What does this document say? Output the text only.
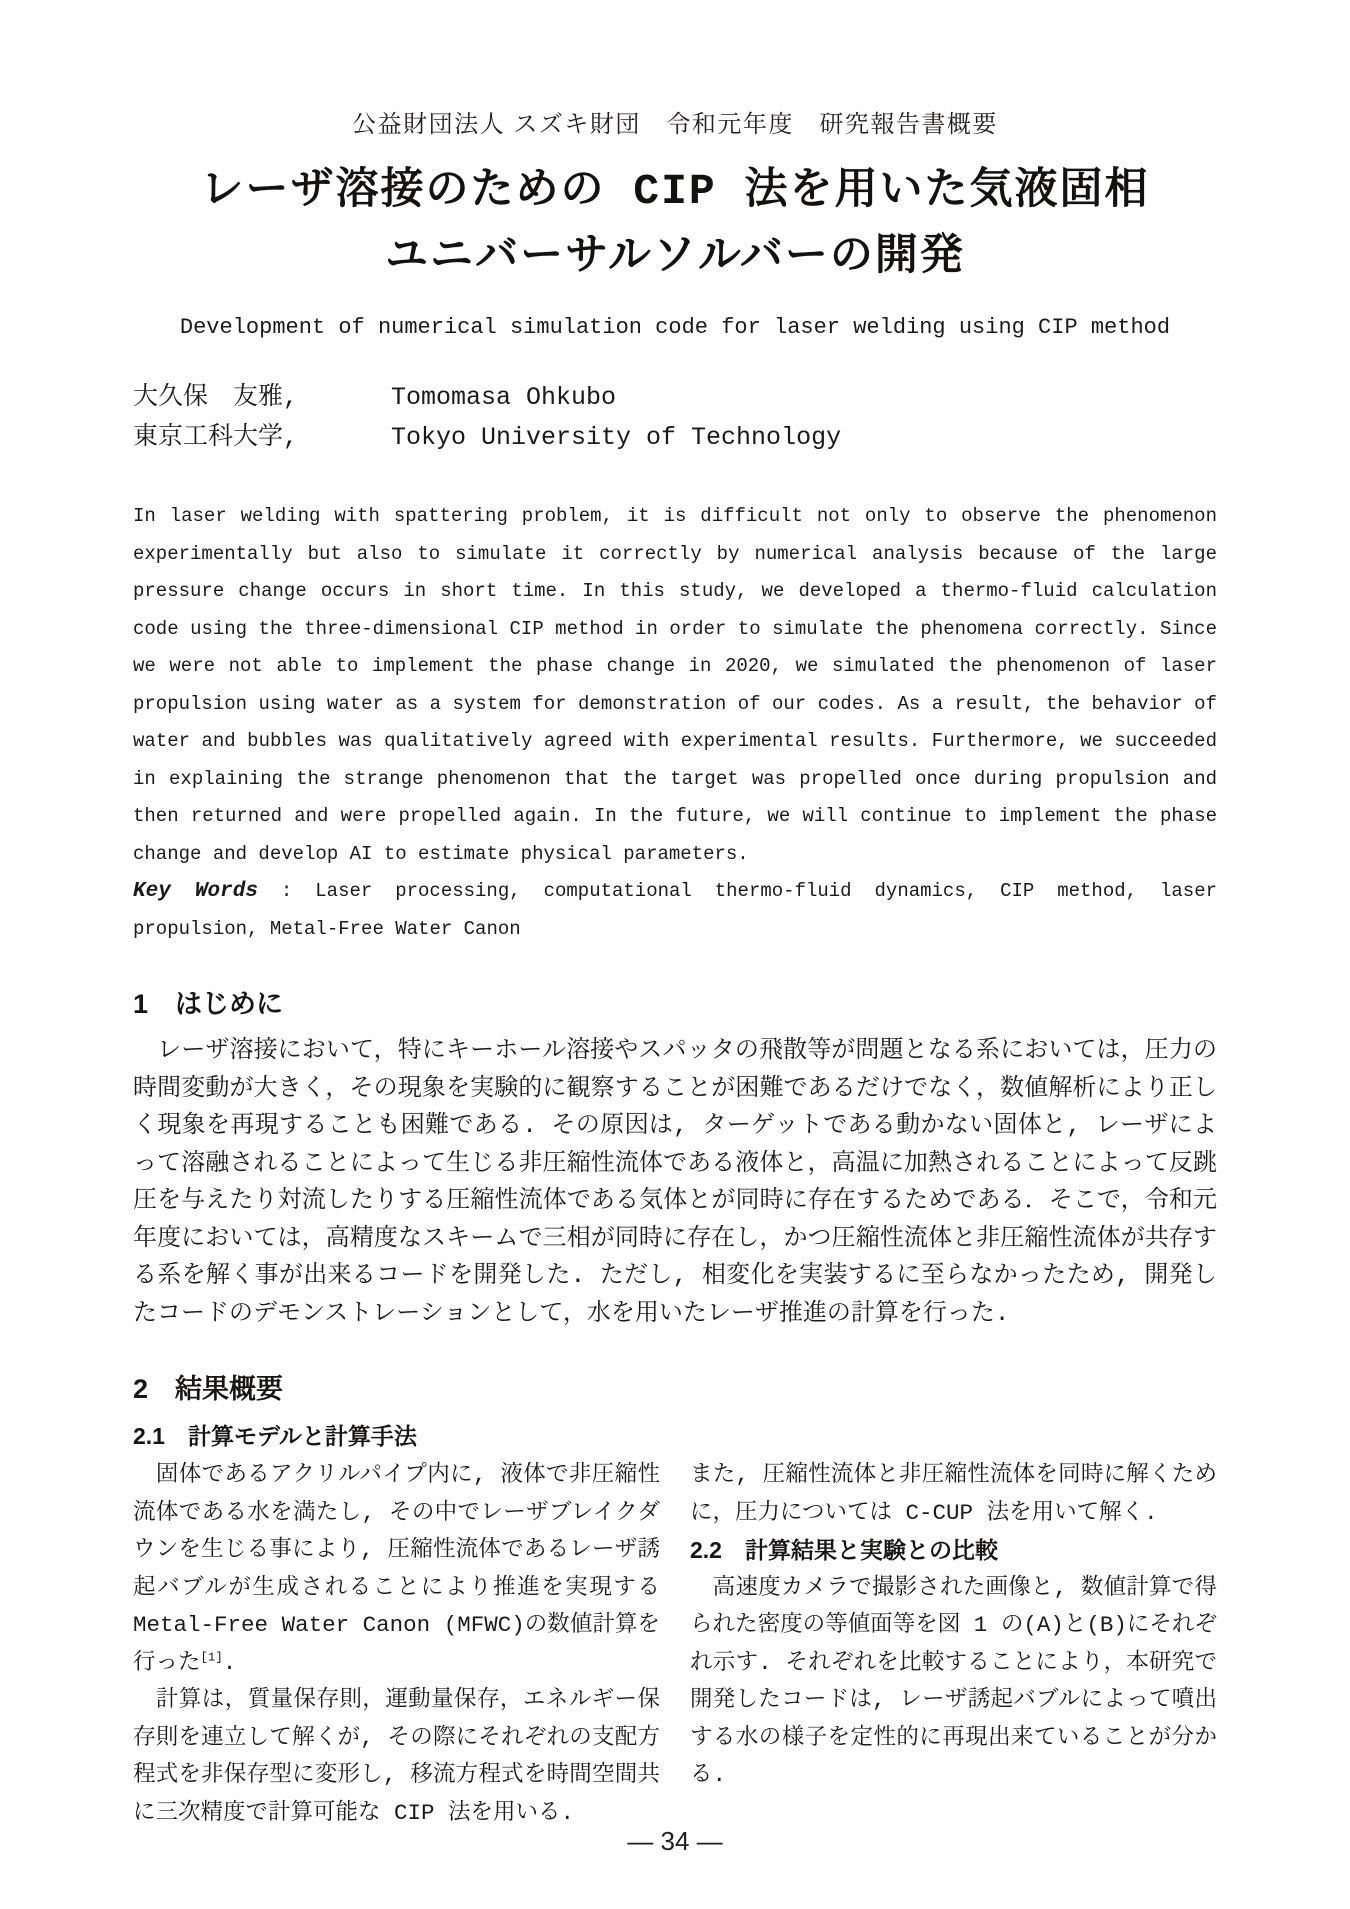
公益財団法人 スズキ財団　令和元年度　研究報告書概要
レーザ溶接のための CIP 法を用いた気液固相
ユニバーサルソルバーの開発
Development of numerical simulation code for laser welding using CIP method
大久保　友雅,	Tomomasa Ohkubo
東京工科大学,	Tokyo University of Technology

In laser welding with spattering problem, it is difficult not only to observe the phenomenon experimentally but also to simulate it correctly by numerical analysis because of the large pressure change occurs in short time. In this study, we developed a thermo-fluid calculation code using the three-dimensional CIP method in order to simulate the phenomena correctly. Since we were not able to implement the phase change in 2020, we simulated the phenomenon of laser propulsion using water as a system for demonstration of our codes. As a result, the behavior of water and bubbles was qualitatively agreed with experimental results. Furthermore, we succeeded in explaining the strange phenomenon that the target was propelled once during propulsion and then returned and were propelled again. In the future, we will continue to implement the phase change and develop AI to estimate physical parameters.

Key Words : Laser processing, computational thermo-fluid dynamics, CIP method, laser propulsion, Metal-Free Water Canon

1　はじめに

　レーザ溶接において，特にキーホール溶接やスパッタの飛散等が問題となる系においては，圧力の時間変動が大きく，その現象を実験的に観察することが困難であるだけでなく，数値解析により正しく現象を再現することも困難である. その原因は, ターゲットである動かない固体と, レーザによって溶融されることによって生じる非圧縮性流体である液体と，高温に加熱されることによって反跳圧を与えたり対流したりする圧縮性流体である気体とが同時に存在するためである．そこで，令和元年度においては，高精度なスキームで三相が同時に存在し，かつ圧縮性流体と非圧縮性流体が共存する系を解く事が出来るコードを開発した. ただし, 相変化を実装するに至らなかったため, 開発したコードのデモンストレーションとして，水を用いたレーザ推進の計算を行った.

2　結果概要
2.1　計算モデルと計算手法

　固体であるアクリルパイプ内に, 液体で非圧縮性流体である水を満たし, その中でレーザブレイクダウンを生じる事により, 圧縮性流体であるレーザ誘起バブルが生成されることにより推進を実現する Metal-Free Water Canon (MFWC)の数値計算を行った[1].

　計算は，質量保存則，運動量保存，エネルギー保存則を連立して解くが, その際にそれぞれの支配方程式を非保存型に変形し, 移流方程式を時間空間共に三次精度で計算可能な CIP 法を用いる.

また, 圧縮性流体と非圧縮性流体を同時に解くために，圧力については C-CUP 法を用いて解く.

2.2　計算結果と実験との比較

　高速度カメラで撮影された画像と, 数値計算で得られた密度の等値面等を図 1 の(A)と(B)にそれぞれ示す. それぞれを比較することにより，本研究で開発したコードは, レーザ誘起バブルによって噴出する水の様子を定性的に再現出来ていることが分かる.

― 34 ―
